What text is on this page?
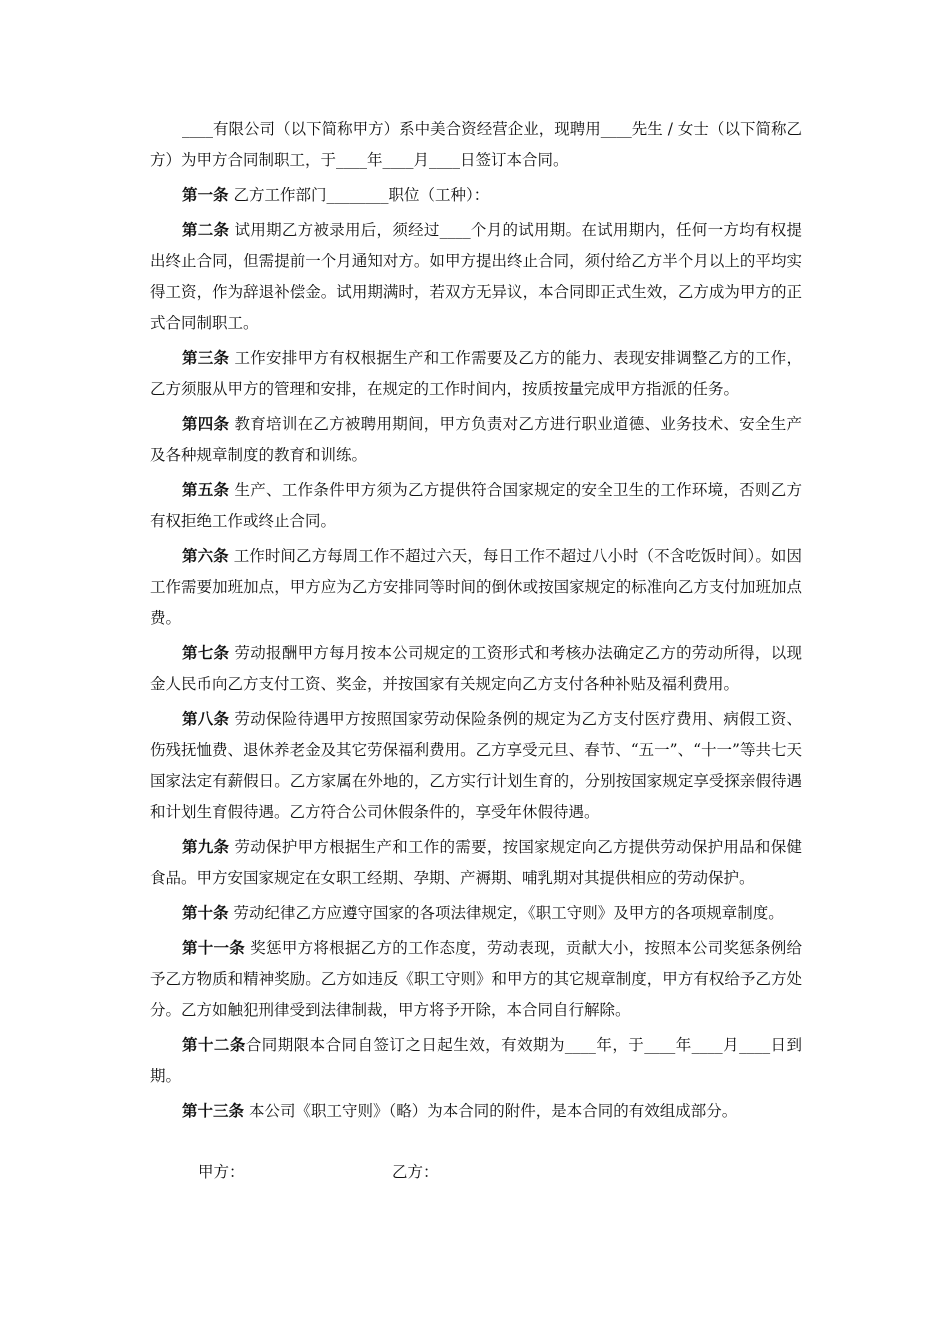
____有限公司（以下简称甲方）系中美合资经营企业，现聘用____先生 / 女士（以下简称乙方）为甲方合同制职工，于____年____月____日签订本合同。

第一条 乙方工作部门________职位（工种）：

第二条 试用期乙方被录用后，须经过____个月的试用期。在试用期内，任何一方均有权提出终止合同，但需提前一个月通知对方。如甲方提出终止合同，须付给乙方半个月以上的平均实得工资，作为辞退补偿金。试用期满时，若双方无异议，本合同即正式生效，乙方成为甲方的正式合同制职工。

第三条 工作安排甲方有权根据生产和工作需要及乙方的能力、表现安排调整乙方的工作，乙方须服从甲方的管理和安排，在规定的工作时间内，按质按量完成甲方指派的任务。

第四条 教育培训在乙方被聘用期间，甲方负责对乙方进行职业道德、业务技术、安全生产及各种规章制度的教育和训练。

第五条 生产、工作条件甲方须为乙方提供符合国家规定的安全卫生的工作环境，否则乙方有权拒绝工作或终止合同。

第六条 工作时间乙方每周工作不超过六天，每日工作不超过八小时（不含吃饭时间）。如因工作需要加班加点，甲方应为乙方安排同等时间的倒休或按国家规定的标准向乙方支付加班加点费。

第七条 劳动报酬甲方每月按本公司规定的工资形式和考核办法确定乙方的劳动所得，以现金人民币向乙方支付工资、奖金，并按国家有关规定向乙方支付各种补贴及福利费用。

第八条 劳动保险待遇甲方按照国家劳动保险条例的规定为乙方支付医疗费用、病假工资、伤残抚恤费、退休养老金及其它劳保福利费用。乙方享受元旦、春节、“五一”、“十一”等共七天国家法定有薪假日。乙方家属在外地的，乙方实行计划生育的，分别按国家规定享受探亲假待遇和计划生育假待遇。乙方符合公司休假条件的，享受年休假待遇。

第九条 劳动保护甲方根据生产和工作的需要，按国家规定向乙方提供劳动保护用品和保健食品。甲方安国家规定在女职工经期、孕期、产褥期、哺乳期对其提供相应的劳动保护。

第十条 劳动纪律乙方应遵守国家的各项法律规定，《职工守则》及甲方的各项规章制度。

第十一条 奖惩甲方将根据乙方的工作态度，劳动表现，贡献大小，按照本公司奖惩条例给予乙方物质和精神奖励。乙方如违反《职工守则》和甲方的其它规章制度，甲方有权给予乙方处分。乙方如触犯刑律受到法律制裁，甲方将予开除，本合同自行解除。

第十二条合同期限本合同自签订之日起生效，有效期为____年，于____年____月____日到期。

第十三条 本公司《职工守则》（略）为本合同的附件，是本合同的有效组成部分。

甲方：	乙方：
